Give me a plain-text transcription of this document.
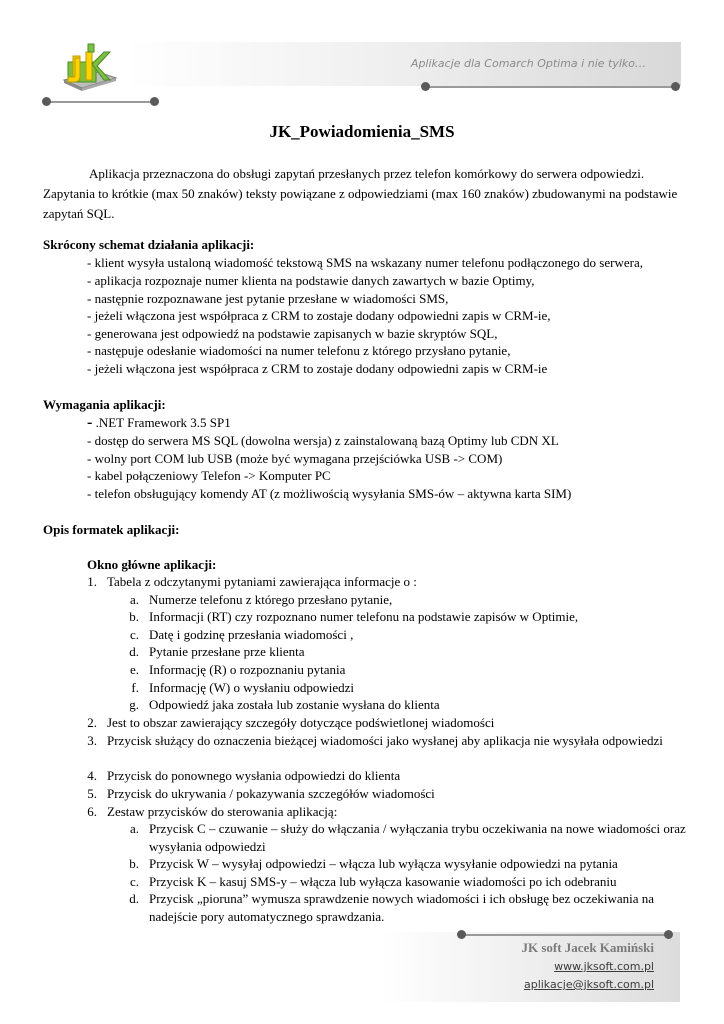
Aplikacje dla Comarch Optima i nie tylko…
JK_Powiadomienia_SMS
Aplikacja przeznaczona do obsługi zapytań przesłanych przez telefon komórkowy do serwera odpowiedzi. Zapytania to krótkie (max 50 znaków) teksty powiązane z odpowiedziami (max 160 znaków) zbudowanymi na podstawie zapytań SQL.
Skrócony schemat działania aplikacji:
- klient wysyła ustaloną wiadomość tekstową SMS na wskazany numer telefonu podłączonego do serwera,
- aplikacja rozpoznaje numer klienta na podstawie danych zawartych w bazie Optimy,
- następnie rozpoznawane jest pytanie przesłane w wiadomości SMS,
- jeżeli włączona jest współpraca z CRM to zostaje dodany odpowiedni zapis w CRM-ie,
- generowana jest odpowiedź na podstawie zapisanych w bazie skryptów SQL,
- następuje odesłanie wiadomości na numer telefonu z którego przysłano pytanie,
- jeżeli włączona jest współpraca z CRM to zostaje dodany odpowiedni zapis w CRM-ie
Wymagania aplikacji:
- .NET Framework 3.5 SP1
- dostęp do serwera MS SQL (dowolna wersja) z zainstalowaną bazą Optimy lub CDN XL
- wolny port COM lub USB (może być wymagana przejściówka USB -> COM)
- kabel połączeniowy Telefon -> Komputer PC
- telefon obsługujący komendy AT (z możliwością wysyłania SMS-ów – aktywna karta SIM)
Opis formatek aplikacji:
Okno główne aplikacji:
1. Tabela z odczytanymi pytaniami zawierająca informacje o :
a. Numerze telefonu z którego przesłano pytanie,
b. Informacji (RT) czy rozpoznano numer telefonu na podstawie zapisów w Optimie,
c. Datę i godzinę przesłania wiadomości ,
d. Pytanie przesłane prze klienta
e. Informację (R) o rozpoznaniu pytania
f. Informację (W) o wysłaniu odpowiedzi
g. Odpowiedź jaka została lub zostanie wysłana do klienta
2. Jest to obszar zawierający szczegóły dotyczące podświetlonej wiadomości
3. Przycisk służący do oznaczenia bieżącej wiadomości jako wysłanej aby aplikacja nie wysyłała odpowiedzi
4. Przycisk do ponownego wysłania odpowiedzi do klienta
5. Przycisk do ukrywania / pokazywania szczegółów wiadomości
6. Zestaw przycisków do sterowania aplikacją:
a. Przycisk C – czuwanie – służy do włączania / wyłączania trybu oczekiwania na nowe wiadomości oraz wysyłania odpowiedzi
b. Przycisk W – wysyłaj odpowiedzi – włącza lub wyłącza wysyłanie odpowiedzi na pytania
c. Przycisk K – kasuj SMS-y – włącza lub wyłącza kasowanie wiadomości po ich odebraniu
d. Przycisk „pioruna” wymusza sprawdzenie nowych wiadomości i ich obsługę bez oczekiwania na nadejście pory automatycznego sprawdzania.
JK soft Jacek Kamiński
www.jksoft.com.pl
aplikacje@jksoft.com.pl
